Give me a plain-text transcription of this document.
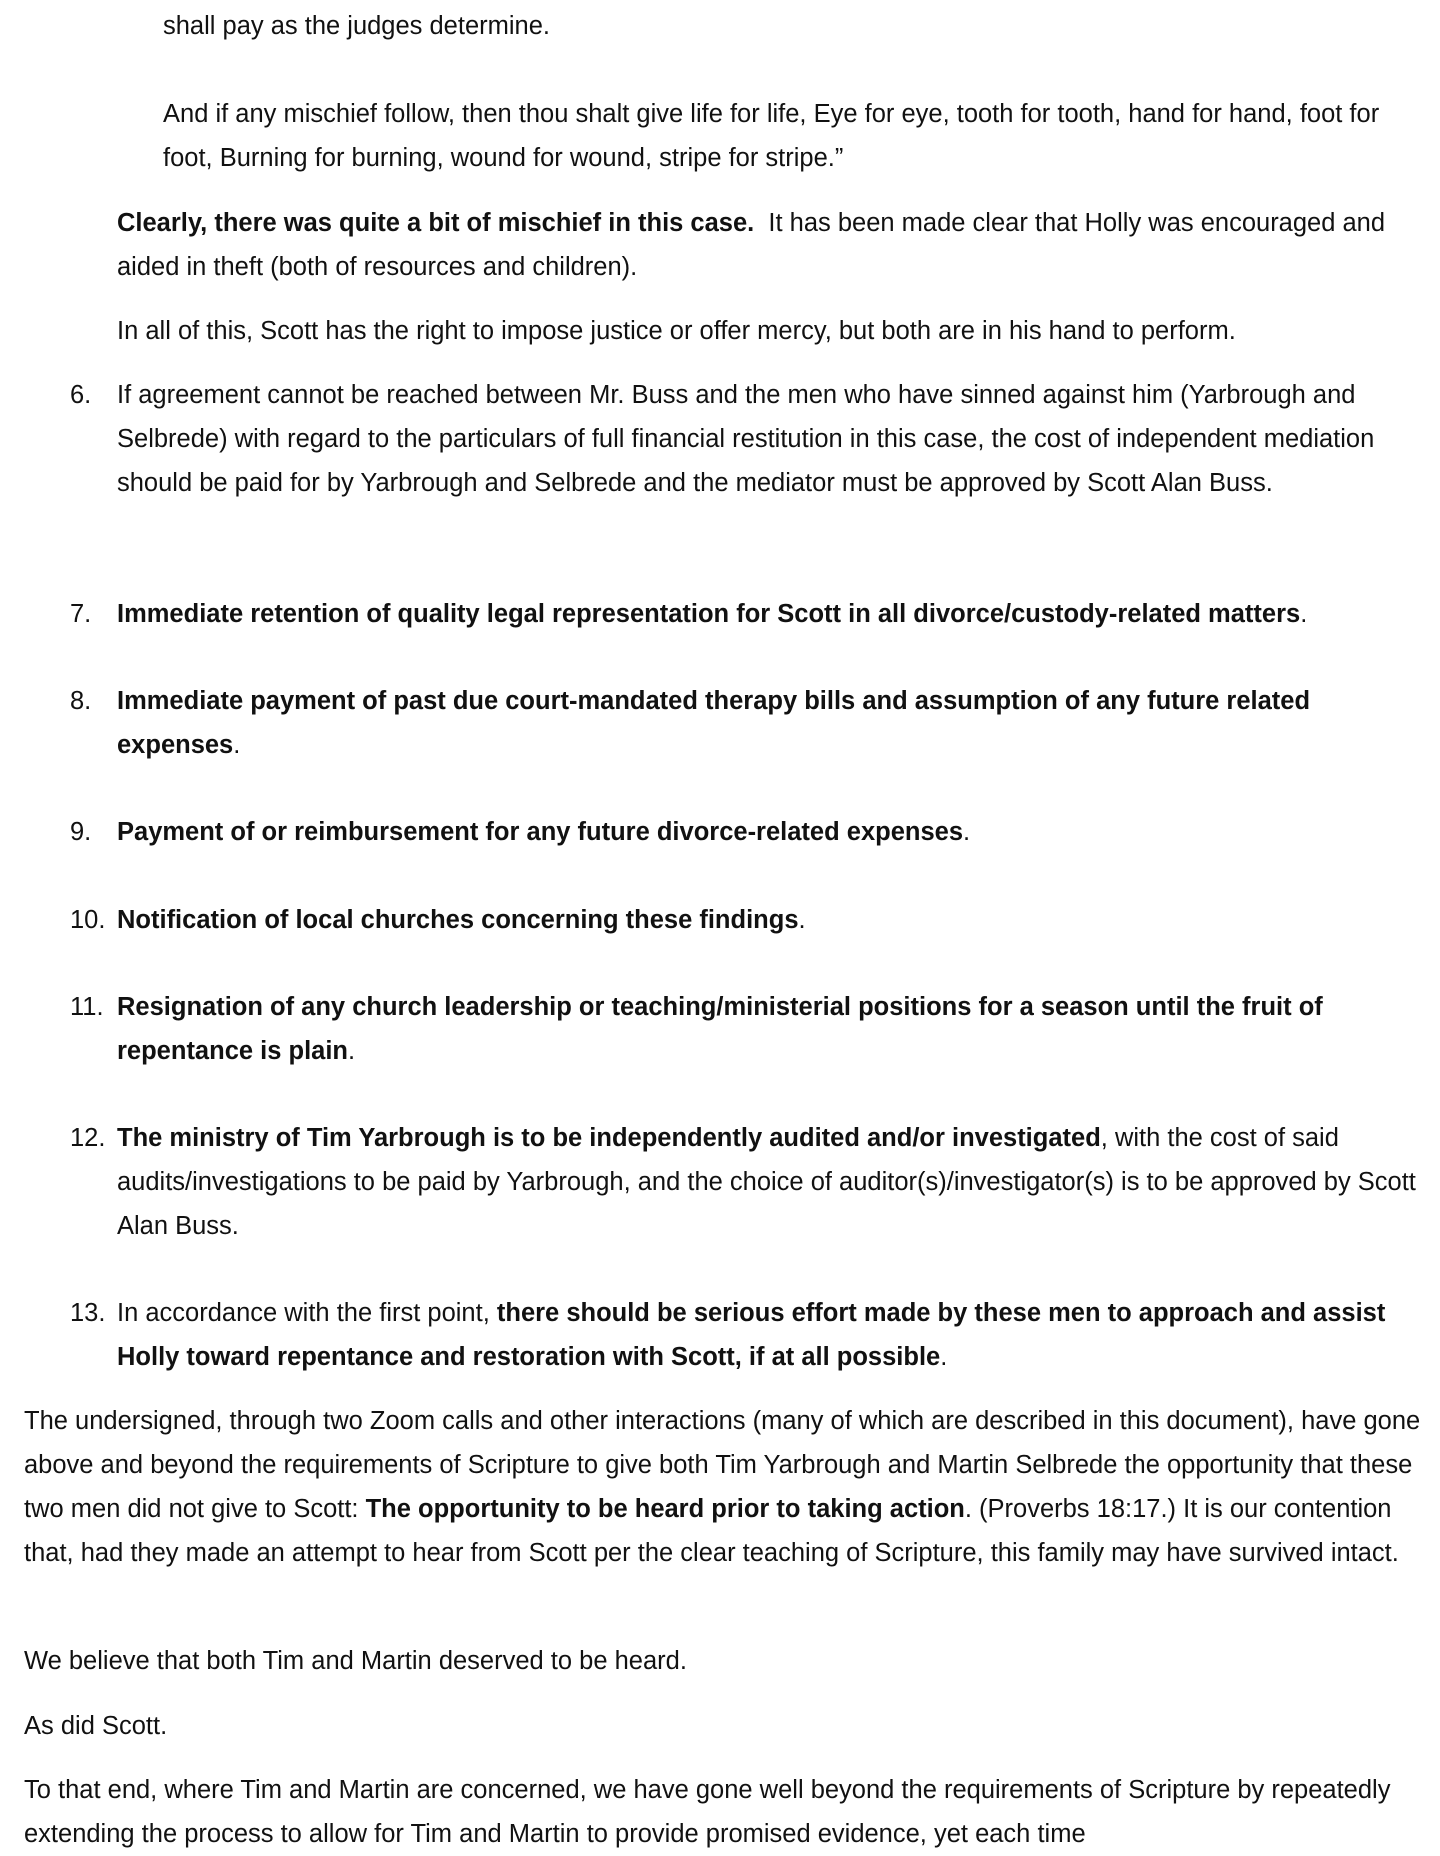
shall pay as the judges determine.

And if any mischief follow, then thou shalt give life for life, Eye for eye, tooth for tooth, hand for hand, foot for foot, Burning for burning, wound for wound, stripe for stripe.”

Clearly, there was quite a bit of mischief in this case. It has been made clear that Holly was encouraged and aided in theft (both of resources and children).

In all of this, Scott has the right to impose justice or offer mercy, but both are in his hand to perform.

6.	If agreement cannot be reached between Mr. Buss and the men who have sinned against him (Yarbrough and Selbrede) with regard to the particulars of full financial restitution in this case, the cost of independent mediation should be paid for by Yarbrough and Selbrede and the mediator must be approved by Scott Alan Buss.
7.	Immediate retention of quality legal representation for Scott in all divorce/custody-related matters.
8.	Immediate payment of past due court-mandated therapy bills and assumption of any future related expenses.
9.	Payment of or reimbursement for any future divorce-related expenses.
10. Notification of local churches concerning these findings.
11. Resignation of any church leadership or teaching/ministerial positions for a season until the fruit of repentance is plain.
12. The ministry of Tim Yarbrough is to be independently audited and/or investigated, with the cost of said audits/investigations to be paid by Yarbrough, and the choice of auditor(s)/investigator(s) is to be approved by Scott Alan Buss.
13. In accordance with the first point, there should be serious effort made by these men to approach and assist Holly toward repentance and restoration with Scott, if at all possible.

The undersigned, through two Zoom calls and other interactions (many of which are described in this document), have gone above and beyond the requirements of Scripture to give both Tim Yarbrough and Martin Selbrede the opportunity that these two men did not give to Scott: The opportunity to be heard prior to taking action. (Proverbs 18:17.) It is our contention that, had they made an attempt to hear from Scott per the clear teaching of Scripture, this family may have survived intact.

We believe that both Tim and Martin deserved to be heard.

As did Scott.

To that end, where Tim and Martin are concerned, we have gone well beyond the requirements of Scripture by repeatedly extending the process to allow for Tim and Martin to provide promised evidence, yet each time
